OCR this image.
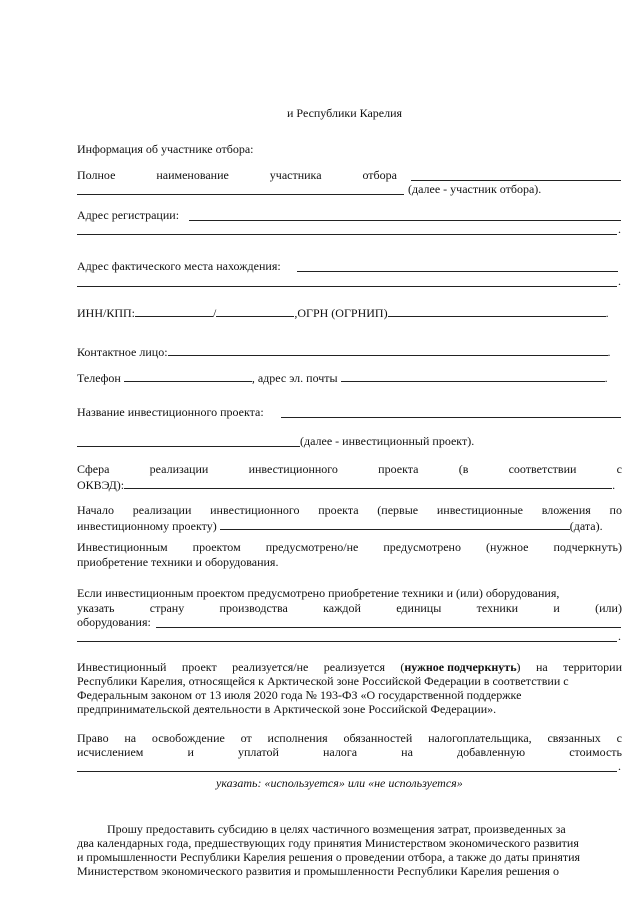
и Республики Карелия
Информация об участнике отбора:
Полное	наименование	участника	отбора
(далее - участник отбора).
Адрес регистрации:
.
Адрес фактического места нахождения:
.
ИНН/КПП:	/	,ОГРН (ОГРНИП)	.
Контактное лицо:	.
Телефон	, адрес эл. почты	.
Название инвестиционного проекта:
(далее - инвестиционный проект).
Сфера	реализации	инвестиционного	проекта	(в	соответствии	с
ОКВЭД):	.
Начало реализации инвестиционного проекта (первые инвестиционные вложения по
инвестиционному проекту)	(дата).
Инвестиционным проектом предусмотрено/не предусмотрено (нужное подчеркнуть)
приобретение техники и оборудования.
Если инвестиционным проектом предусмотрено приобретение техники и (или) оборудования,
указать	страну	производства	каждой	единицы	техники	и	(или)
оборудования:
.
Инвестиционный проект реализуется/не реализуется (нужное подчеркнуть) на территории
Республики Карелия, относящейся к Арктической зоне Российской Федерации в соответствии с
Федеральным законом от 13 июля 2020 года № 193-ФЗ «О государственной поддержке
предпринимательской деятельности в Арктической зоне Российской Федерации».
Право на освобождение от исполнения обязанностей налогоплательщика, связанных с
исчислением	и	уплатой	налога	на	добавленную	стоимость
.
указать: «используется» или «не используется»
Прошу предоставить субсидию в целях частичного возмещения затрат, произведенных за
два календарных года, предшествующих году принятия Министерством экономического развития
и промышленности Республики Карелия решения о проведении отбора, а также до даты принятия
Министерством экономического развития и промышленности Республики Карелия решения о
